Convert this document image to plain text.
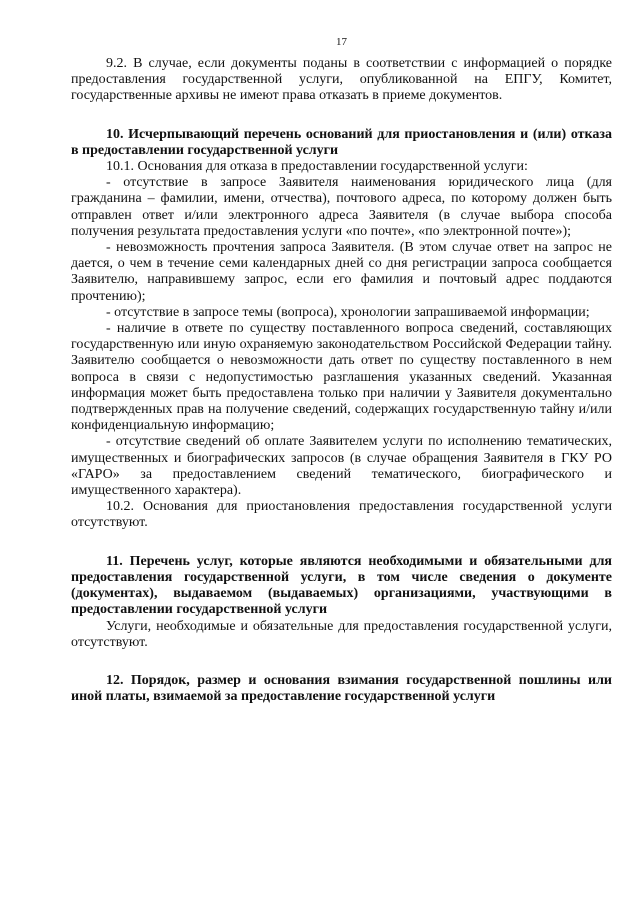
17

9.2. В случае, если документы поданы в соответствии с информацией о порядке предоставления государственной услуги, опубликованной на ЕПГУ, Комитет, государственные архивы не имеют права отказать в приеме документов.

10. Исчерпывающий перечень оснований для приостановления и (или) отказа в предоставлении государственной услуги

10.1. Основания для отказа в предоставлении государственной услуги:

- отсутствие в запросе Заявителя наименования юридического лица (для гражданина – фамилии, имени, отчества), почтового адреса, по которому должен быть отправлен ответ и/или электронного адреса Заявителя (в случае выбора способа получения результата предоставления услуги «по почте», «по электронной почте»);

- невозможность прочтения запроса Заявителя. (В этом случае ответ на запрос не дается, о чем в течение семи календарных дней со дня регистрации запроса сообщается Заявителю, направившему запрос, если его фамилия и почтовый адрес поддаются прочтению);

- отсутствие в запросе темы (вопроса), хронологии запрашиваемой информации;

- наличие в ответе по существу поставленного вопроса сведений, составляющих государственную или иную охраняемую законодательством Российской Федерации тайну. Заявителю сообщается о невозможности дать ответ по существу поставленного в нем вопроса в связи с недопустимостью разглашения указанных сведений. Указанная информация может быть предоставлена только при наличии у Заявителя документально подтвержденных прав на получение сведений, содержащих государственную тайну и/или конфиденциальную информацию;

- отсутствие сведений об оплате Заявителем услуги по исполнению тематических, имущественных и биографических запросов (в случае обращения Заявителя в ГКУ РО «ГАРО» за предоставлением сведений тематического, биографического и имущественного характера).

10.2. Основания для приостановления предоставления государственной услуги отсутствуют.

11. Перечень услуг, которые являются необходимыми и обязательными для предоставления государственной услуги, в том числе сведения о документе (документах), выдаваемом (выдаваемых) организациями, участвующими в предоставлении государственной услуги

Услуги, необходимые и обязательные для предоставления государственной услуги, отсутствуют.

12. Порядок, размер и основания взимания государственной пошлины или иной платы, взимаемой за предоставление государственной услуги
